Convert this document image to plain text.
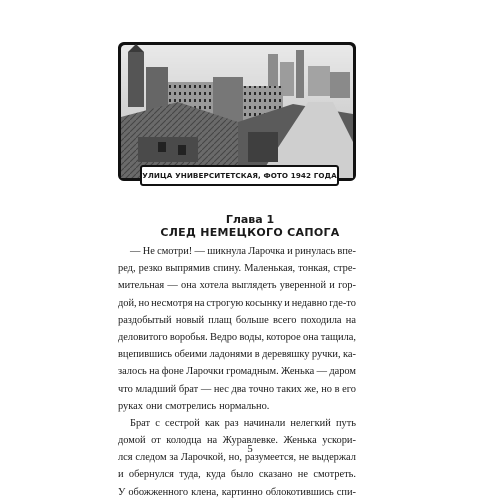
УЛИЦА УНИВЕРСИТЕТСКАЯ, ФОТО 1942 ГОДА
Глава 1
СЛЕД НЕМЕЦКОГО САПОГА
— Не смотри! — шикнула Ларочка и ринулась впе-
ред, резко выпрямив спину. Маленькая, тонкая, стре-
мительная — она хотела выглядеть уверенной и гор-
дой, но несмотря на строгую косынку и недавно где-то
раздобытый новый плащ больше всего походила на
деловитого воробья. Ведро воды, которое она тащила,
вцепившись обеими ладонями в деревяшку ручки, ка-
залось на фоне Ларочки громадным. Женька — даром
что младший брат — нес два точно таких же, но в его
руках они смотрелись нормально.
Брат с сестрой как раз начинали нелегкий путь
домой от колодца на Журавлевке. Женька ускори-
лся следом за Ларочкой, но, разумеется, не выдержал
и обернулся туда, куда было сказано не смотреть.
У обожженного клена, картинно облокотившись спи-
5
